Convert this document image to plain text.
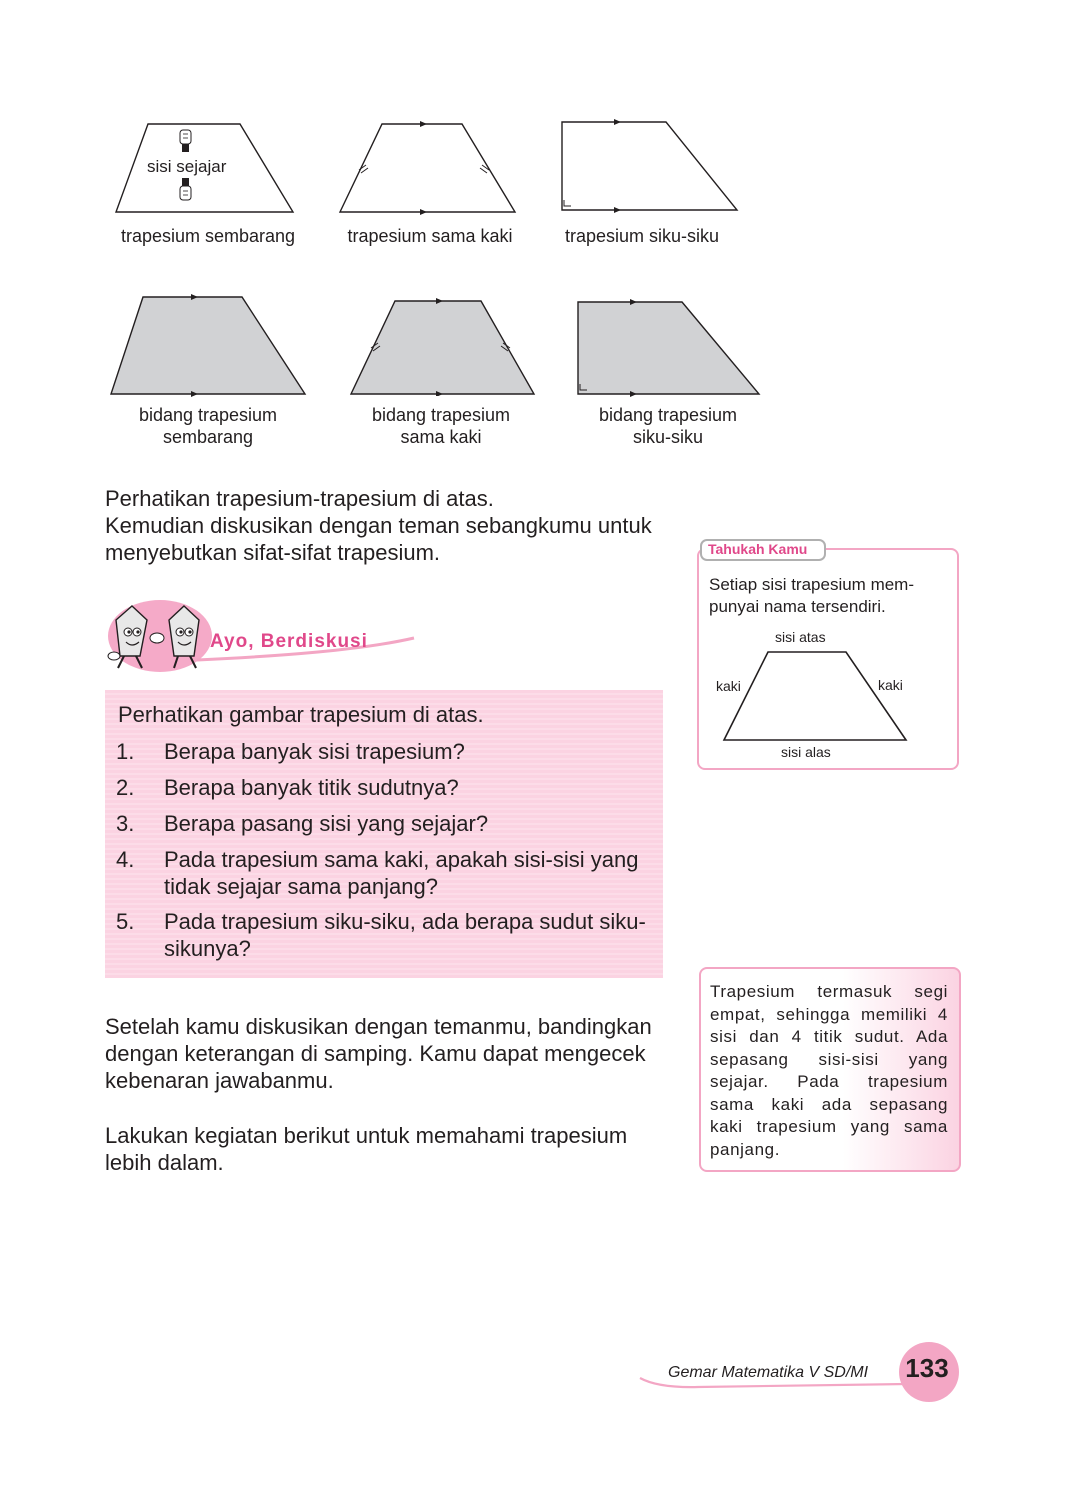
sisi sejajar
trapesium sembarang	trapesium sama kaki	trapesium siku-siku
bidang trapesium
sembarang
bidang trapesium
sama kaki
bidang trapesium
siku-siku
Perhatikan trapesium-trapesium di atas.
Kemudian diskusikan dengan teman sebangkumu untuk
menyebutkan sifat-sifat trapesium.
Ayo, Berdiskusi
Perhatikan gambar trapesium di atas.
1. Berapa banyak sisi trapesium?
2. Berapa banyak titik sudutnya?
3. Berapa pasang sisi yang sejajar?
4. Pada trapesium sama kaki, apakah sisi-sisi yang
tidak sejajar sama panjang?
5. Pada trapesium siku-siku, ada berapa sudut siku-
sikunya?
Setelah kamu diskusikan dengan temanmu, bandingkan
dengan keterangan di samping. Kamu dapat mengecek
kebenaran jawabanmu.
Lakukan kegiatan berikut untuk memahami trapesium
lebih dalam.
Tahukah Kamu
Setiap sisi trapesium mem-
punyai nama tersendiri.
sisi atas
kaki	kaki
sisi alas
Trapesium termasuk segi
empat, sehingga memiliki 4
sisi dan 4 titik sudut. Ada
sepasang sisi-sisi yang
sejajar. Pada trapesium
sama kaki ada sepasang
kaki trapesium yang sama
panjang.
Gemar Matematika V SD/MI 133
